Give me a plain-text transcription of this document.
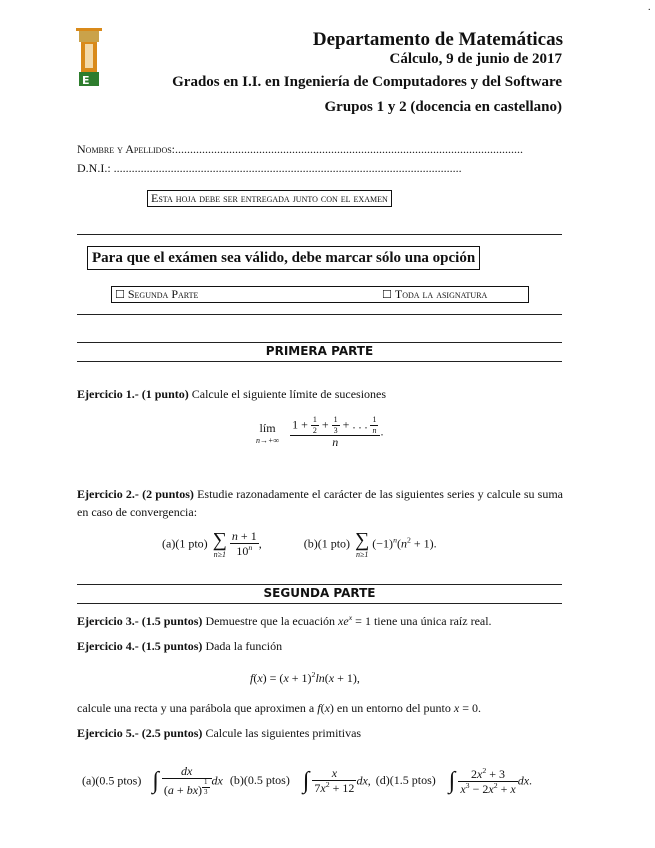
E
.
Departamento de Matemáticas
Cálculo, 9 de junio de 2017
Grados en I.I. en Ingeniería de Computadores y del Software
Grupos 1 y 2 (docencia en castellano)
Nombre y Apellidos:....................................................................................................................
D.N.I.: ....................................................................................................................
Esta hoja debe ser entregada junto con el examen
Para que el exámen sea válido, debe marcar sólo una opción
☐ Segunda Parte	☐ Toda la asignatura
PRIMERA PARTE
Ejercicio 1.- (1 punto) Calcule el siguiente límite de sucesiones
lím
n→+∞
$\frac{1 + \frac{1}{2} + \frac{1}{3} + . . . \frac{1}{n}}{n}$ .
Ejercicio 2.- (2 puntos) Estudie razonadamente el carácter de las siguientes series y calcule su suma en caso de convergencia:
(a)(1 pto) ∑
n≥1
$\frac{n + 1}{10^n}$ ,	(b)(1 pto) ∑
n≥1
$(-1)^n(n^2 + 1)$.
SEGUNDA PARTE
Ejercicio 3.- (1.5 puntos) Demuestre que la ecuación $xe^x = 1$ tiene una única raíz real.
Ejercicio 4.- (1.5 puntos) Dada la función
$f(x) = (x + 1)^2\ln(x + 1)$,
calcule una recta y una parábola que aproximen a f(x) en un entorno del punto x = 0.
Ejercicio 5.- (2.5 puntos) Calcule las siguientes primitivas
(a)(0.5 ptos) ∫ dx
(a + bx) $^{\frac{1}{3}}$ dx (b)(0.5 ptos) ∫ $\frac{x}{7x^2 + 12}$ dx, (d)(1.5 ptos) ∫ $\frac{2x^2 + 3}{x^3 - 2x^2 + x}$ dx.
